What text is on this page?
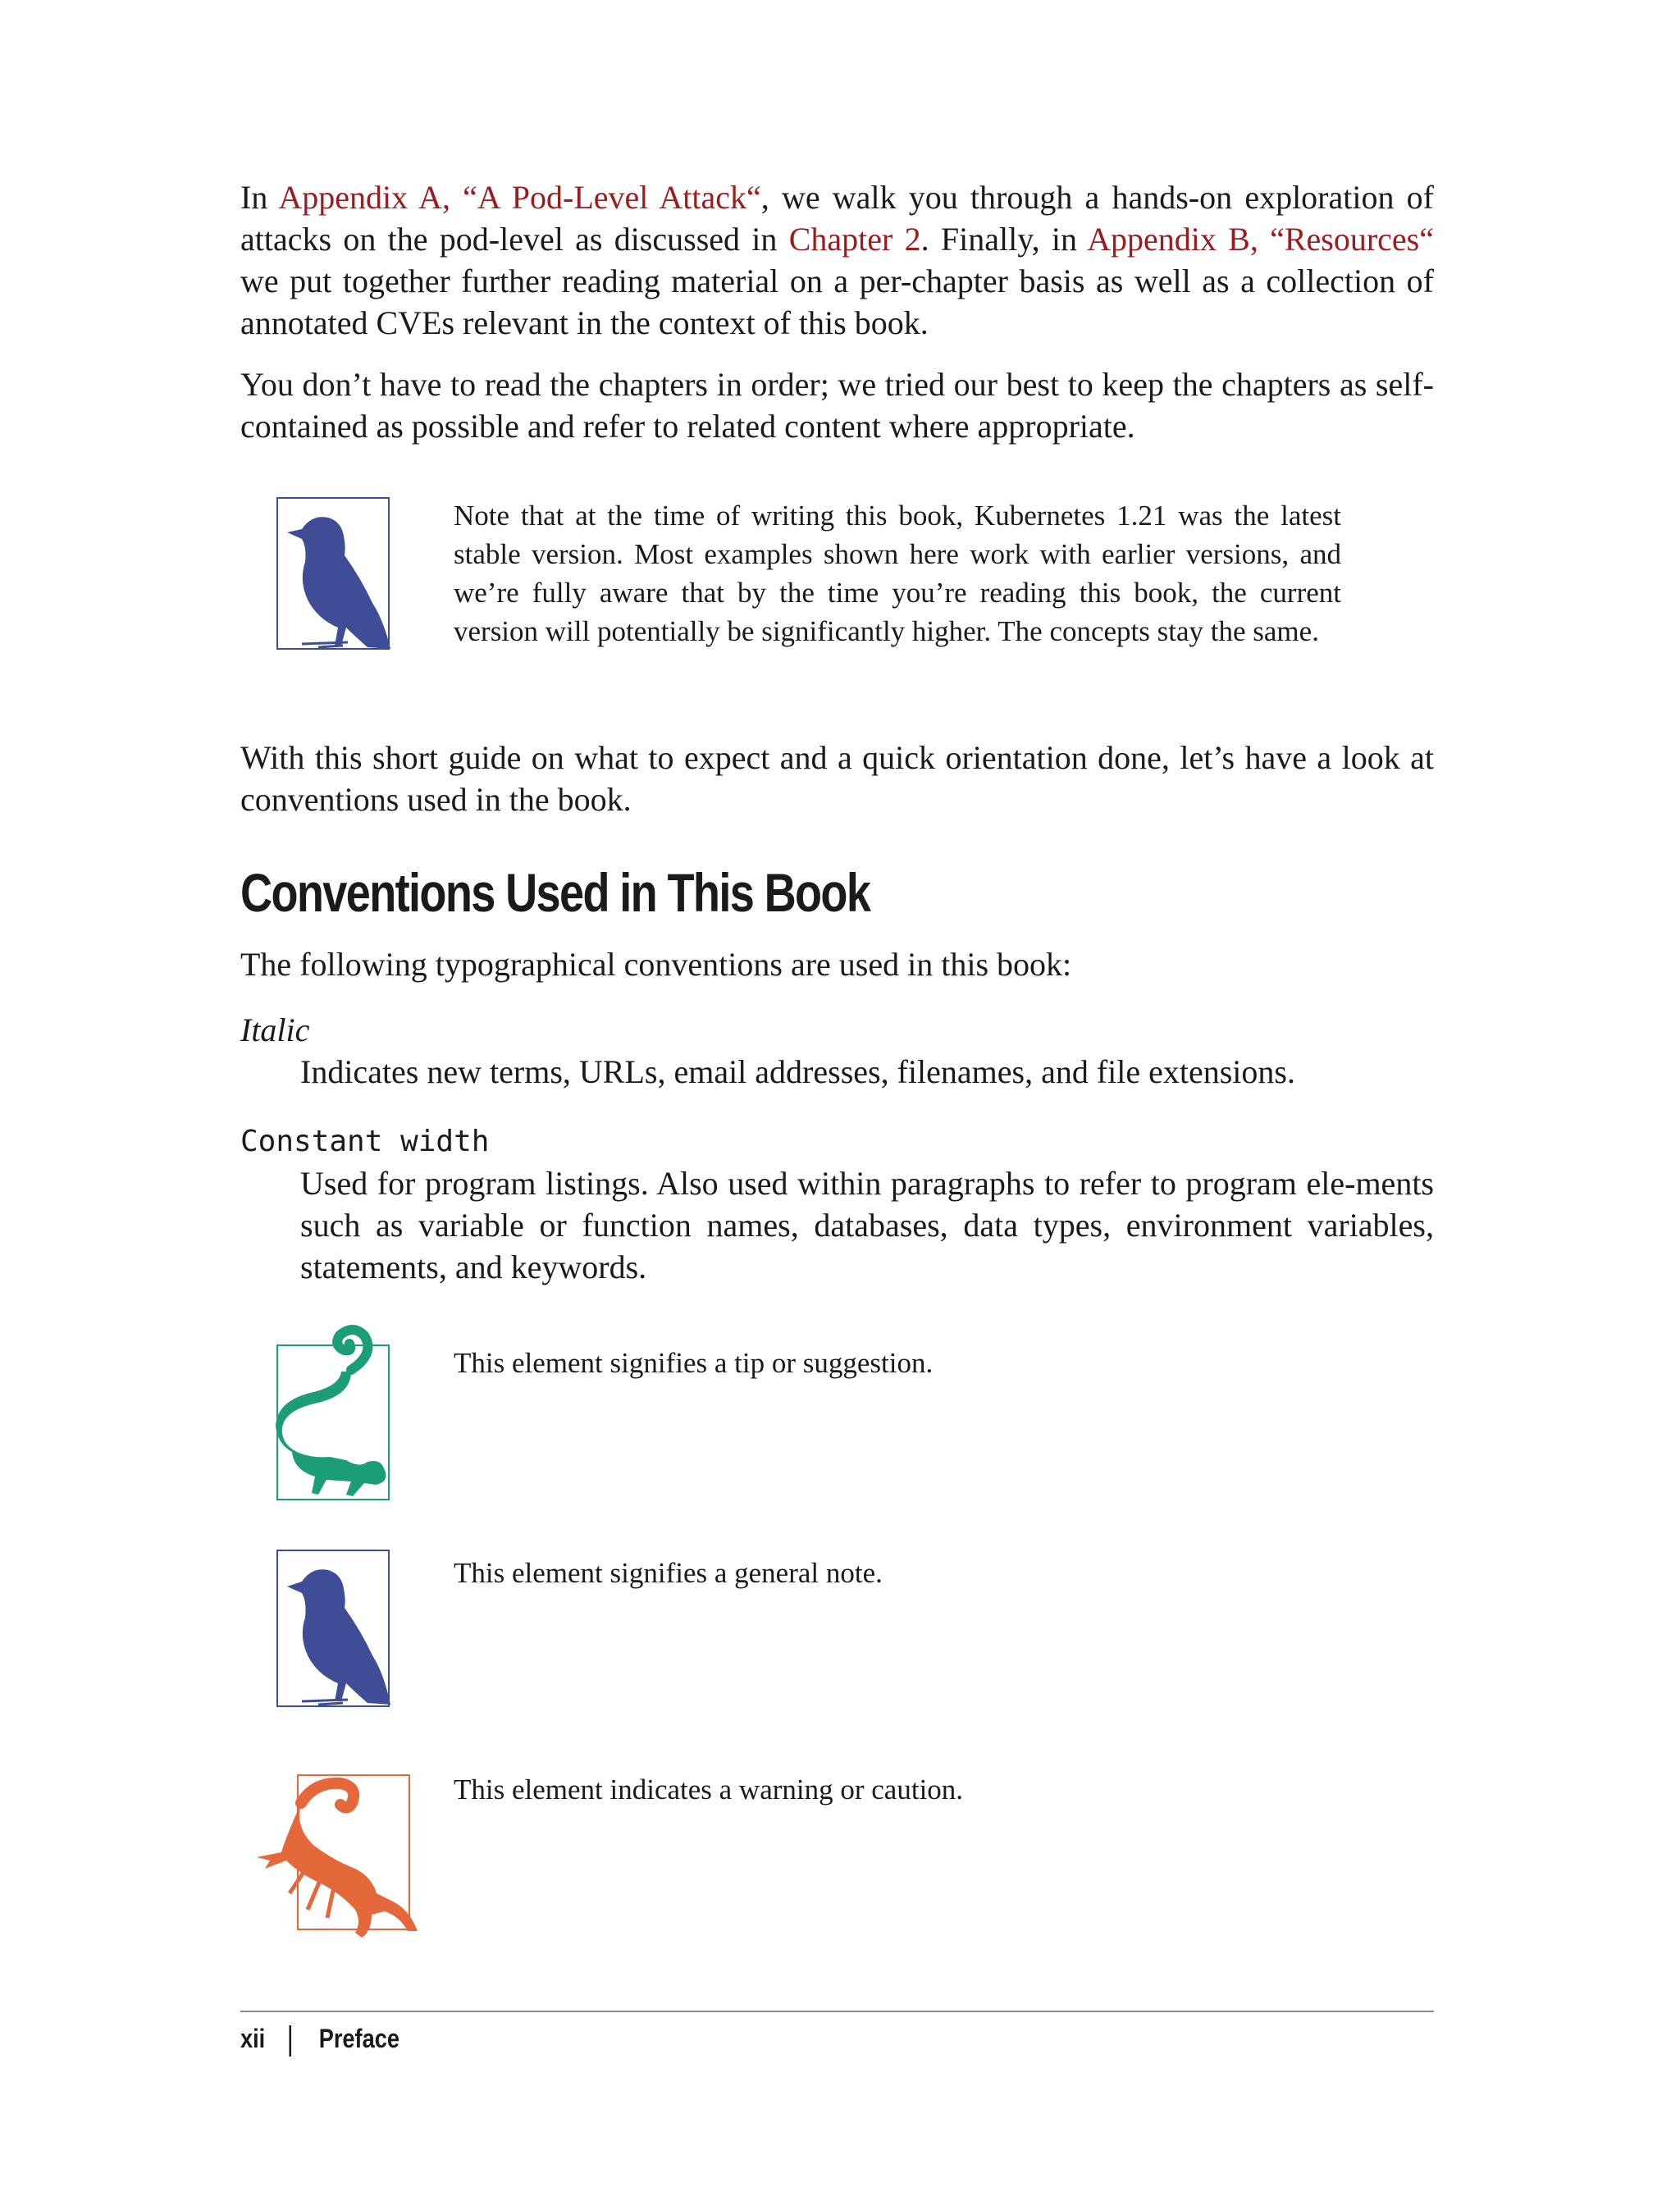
In Appendix A, “A Pod-Level Attack“, we walk you through a hands-on exploration of attacks on the pod-level as discussed in Chapter 2. Finally, in Appendix B, “Resources“ we put together further reading material on a per-chapter basis as well as a collection of annotated CVEs relevant in the context of this book.

You don’t have to read the chapters in order; we tried our best to keep the chapters as self-contained as possible and refer to related content where appropriate.

Note that at the time of writing this book, Kubernetes 1.21 was the latest stable version. Most examples shown here work with earlier versions, and we’re fully aware that by the time you’re reading this book, the current version will potentially be significantly higher. The concepts stay the same.

With this short guide on what to expect and a quick orientation done, let’s have a look at conventions used in the book.

Conventions Used in This Book

The following typographical conventions are used in this book:

Italic
Indicates new terms, URLs, email addresses, filenames, and file extensions.
Constant width
Used for program listings. Also used within paragraphs to refer to program ele-ments such as variable or function names, databases, data types, environment variables, statements, and keywords.

This element signifies a tip or suggestion.

This element signifies a general note.

This element indicates a warning or caution.

xii Preface
